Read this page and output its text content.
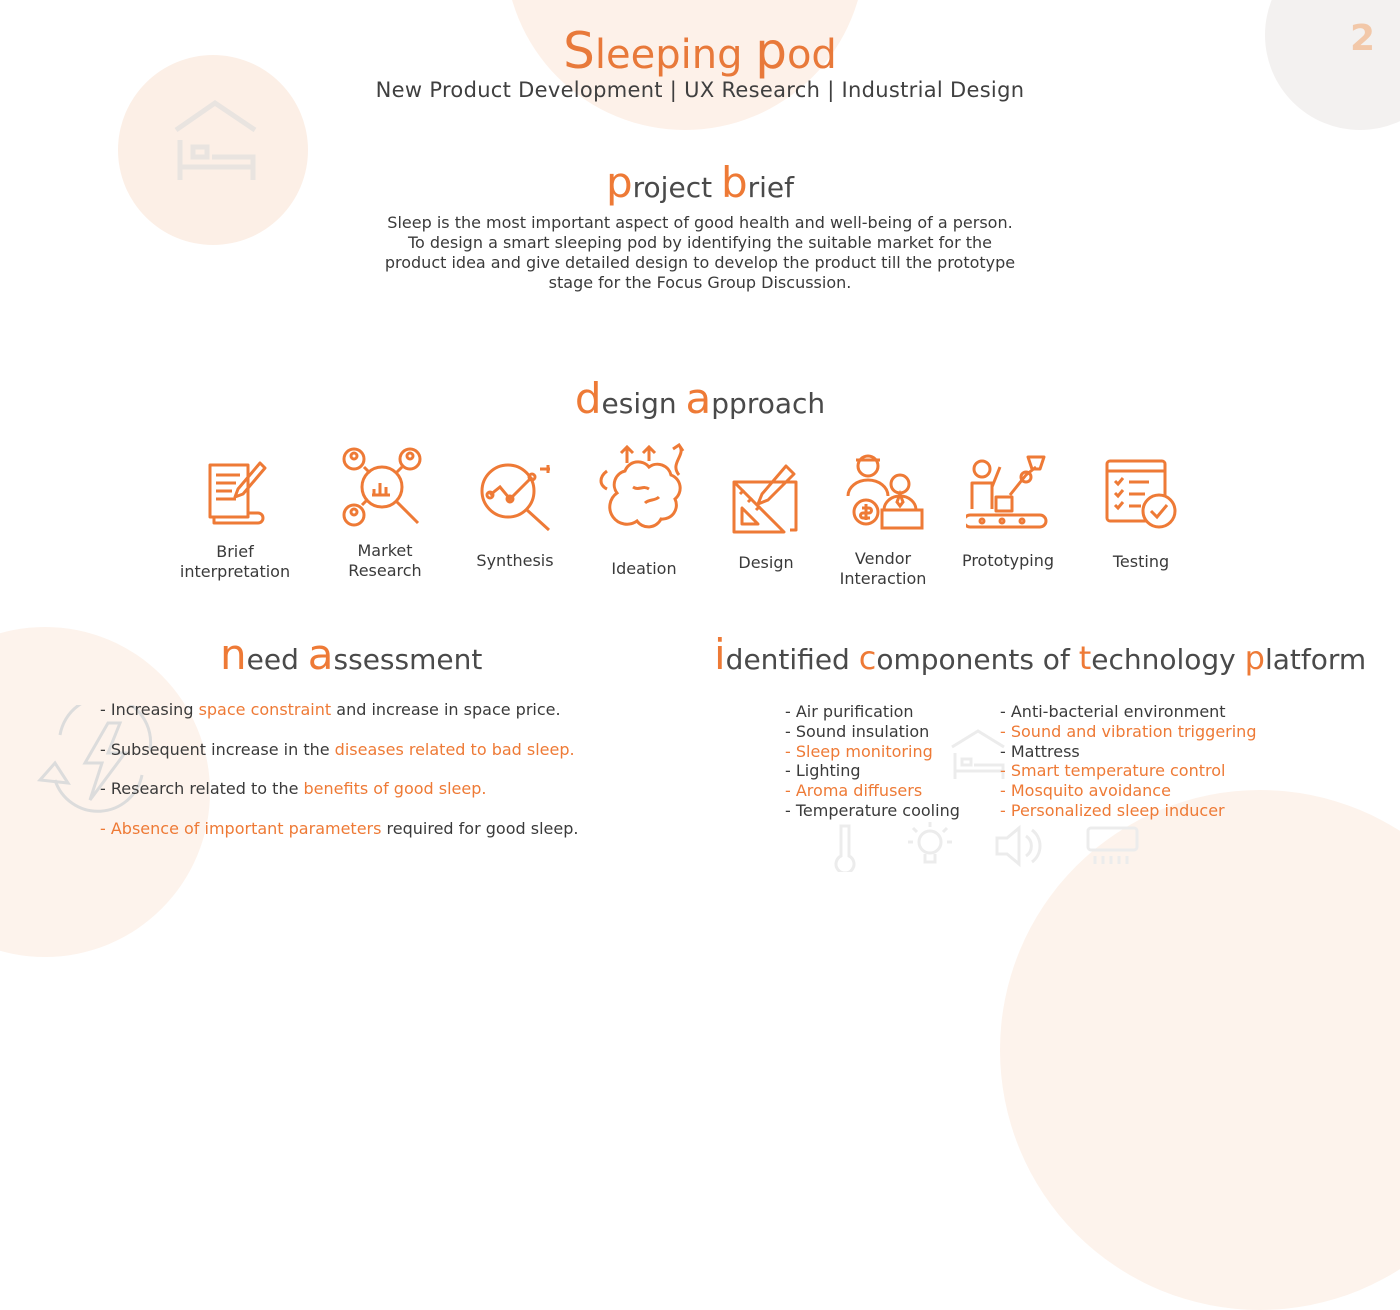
2
Sleeping pod
New Product Development | UX Research | Industrial Design
project brief
Sleep is the most important aspect of good health and well-being of a person.
To design a smart sleeping pod by identifying the suitable market for the
product idea and give detailed design to develop the product till the prototype
stage for the Focus Group Discussion.
design approach
Brief
interpretation
Market
Research
Synthesis	Ideation	Design	Vendor
Interaction
Prototyping	Testing
need assessment
- Increasing space constraint and increase in space price.
- Subsequent increase in the diseases related to bad sleep.
- Research related to the benefits of good sleep.
- Absence of important parameters required for good sleep.
identified components of technology platform
- Air purification
- Sound insulation
- Sleep monitoring
- Lighting
- Aroma diffusers
- Temperature cooling
- Anti-bacterial environment
- Sound and vibration triggering
- Mattress
- Smart temperature control
- Mosquito avoidance
- Personalized sleep inducer
